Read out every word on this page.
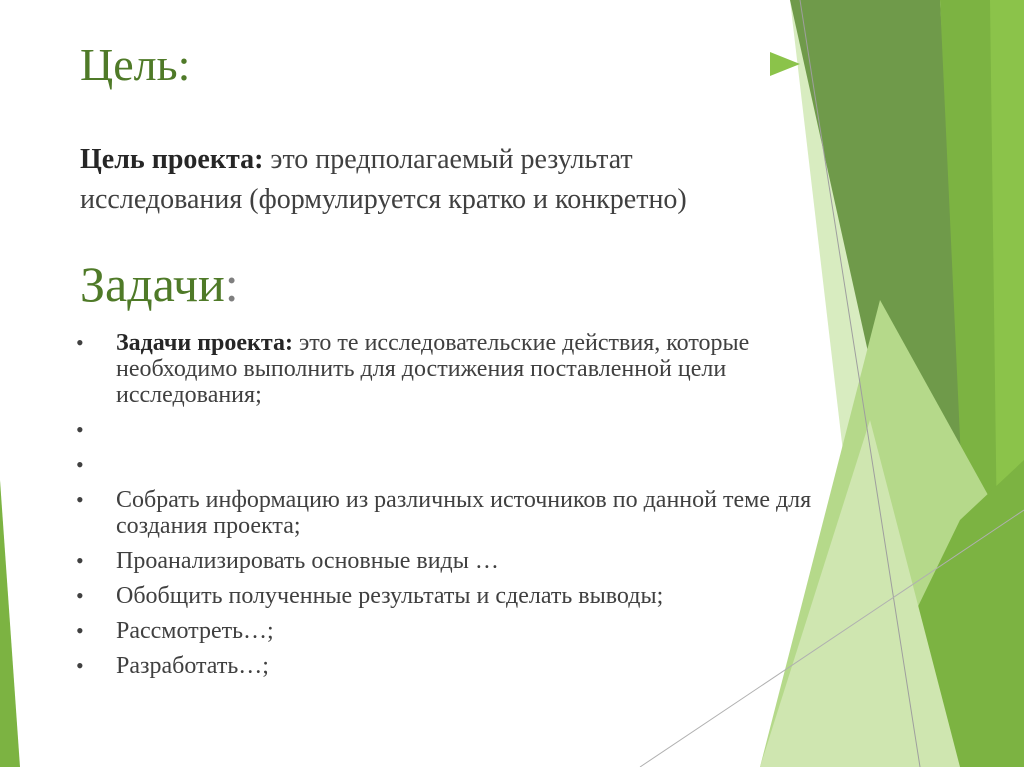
Цель:

Цель проекта: это предполагаемый результат исследования (формулируется кратко и конкретно)

Задачи:
• Задачи проекта: это те исследовательские действия, которые необходимо выполнить для достижения поставленной цели исследования;
•
•
• Собрать информацию из различных источников по данной теме для создания проекта;
• Проанализировать основные виды …
• Обобщить полученные результаты и сделать выводы;
• Рассмотреть…;
• Разработать…;
